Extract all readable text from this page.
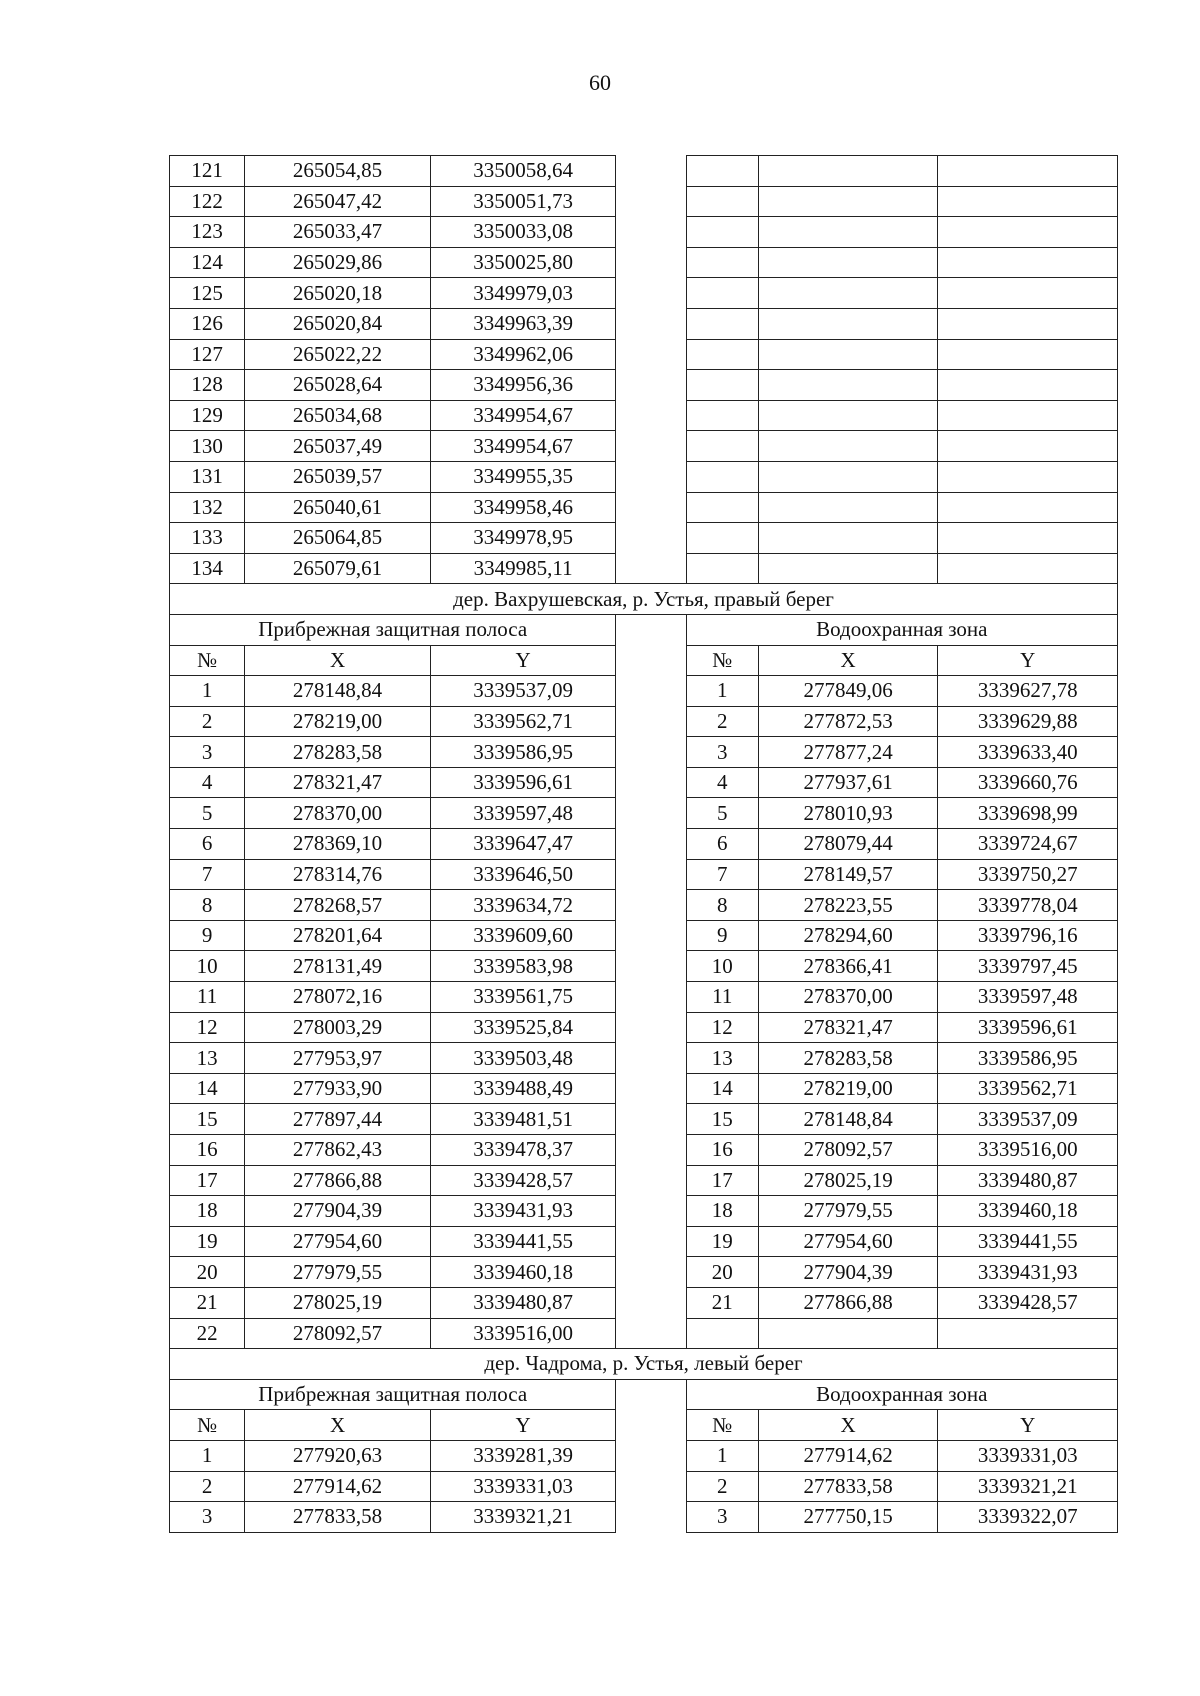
60
121	265054,85	3350058,64				
122	265047,42	3350051,73				
123	265033,47	3350033,08				
124	265029,86	3350025,80				
125	265020,18	3349979,03				
126	265020,84	3349963,39				
127	265022,22	3349962,06				
128	265028,64	3349956,36				
129	265034,68	3349954,67				
130	265037,49	3349954,67				
131	265039,57	3349955,35				
132	265040,61	3349958,46				
133	265064,85	3349978,95				
134	265079,61	3349985,11				
дер. Вахрушевская, р. Устья, правый берег						
Прибрежная защитная полоса				Водоохранная зона		
№	X	Y		№	X	Y
1	278148,84	3339537,09		1	277849,06	3339627,78
2	278219,00	3339562,71		2	277872,53	3339629,88
3	278283,58	3339586,95		3	277877,24	3339633,40
4	278321,47	3339596,61		4	277937,61	3339660,76
5	278370,00	3339597,48		5	278010,93	3339698,99
6	278369,10	3339647,47		6	278079,44	3339724,67
7	278314,76	3339646,50		7	278149,57	3339750,27
8	278268,57	3339634,72		8	278223,55	3339778,04
9	278201,64	3339609,60		9	278294,60	3339796,16
10	278131,49	3339583,98		10	278366,41	3339797,45
11	278072,16	3339561,75		11	278370,00	3339597,48
12	278003,29	3339525,84		12	278321,47	3339596,61
13	277953,97	3339503,48		13	278283,58	3339586,95
14	277933,90	3339488,49		14	278219,00	3339562,71
15	277897,44	3339481,51		15	278148,84	3339537,09
16	277862,43	3339478,37		16	278092,57	3339516,00
17	277866,88	3339428,57		17	278025,19	3339480,87
18	277904,39	3339431,93		18	277979,55	3339460,18
19	277954,60	3339441,55		19	277954,60	3339441,55
20	277979,55	3339460,18		20	277904,39	3339431,93
21	278025,19	3339480,87		21	277866,88	3339428,57
22	278092,57	3339516,00				
дер. Чадрома, р. Устья, левый берег						
Прибрежная защитная полоса				Водоохранная зона		
№	X	Y		№	X	Y
1	277920,63	3339281,39		1	277914,62	3339331,03
2	277914,62	3339331,03		2	277833,58	3339321,21
3	277833,58	3339321,21		3	277750,15	3339322,07
